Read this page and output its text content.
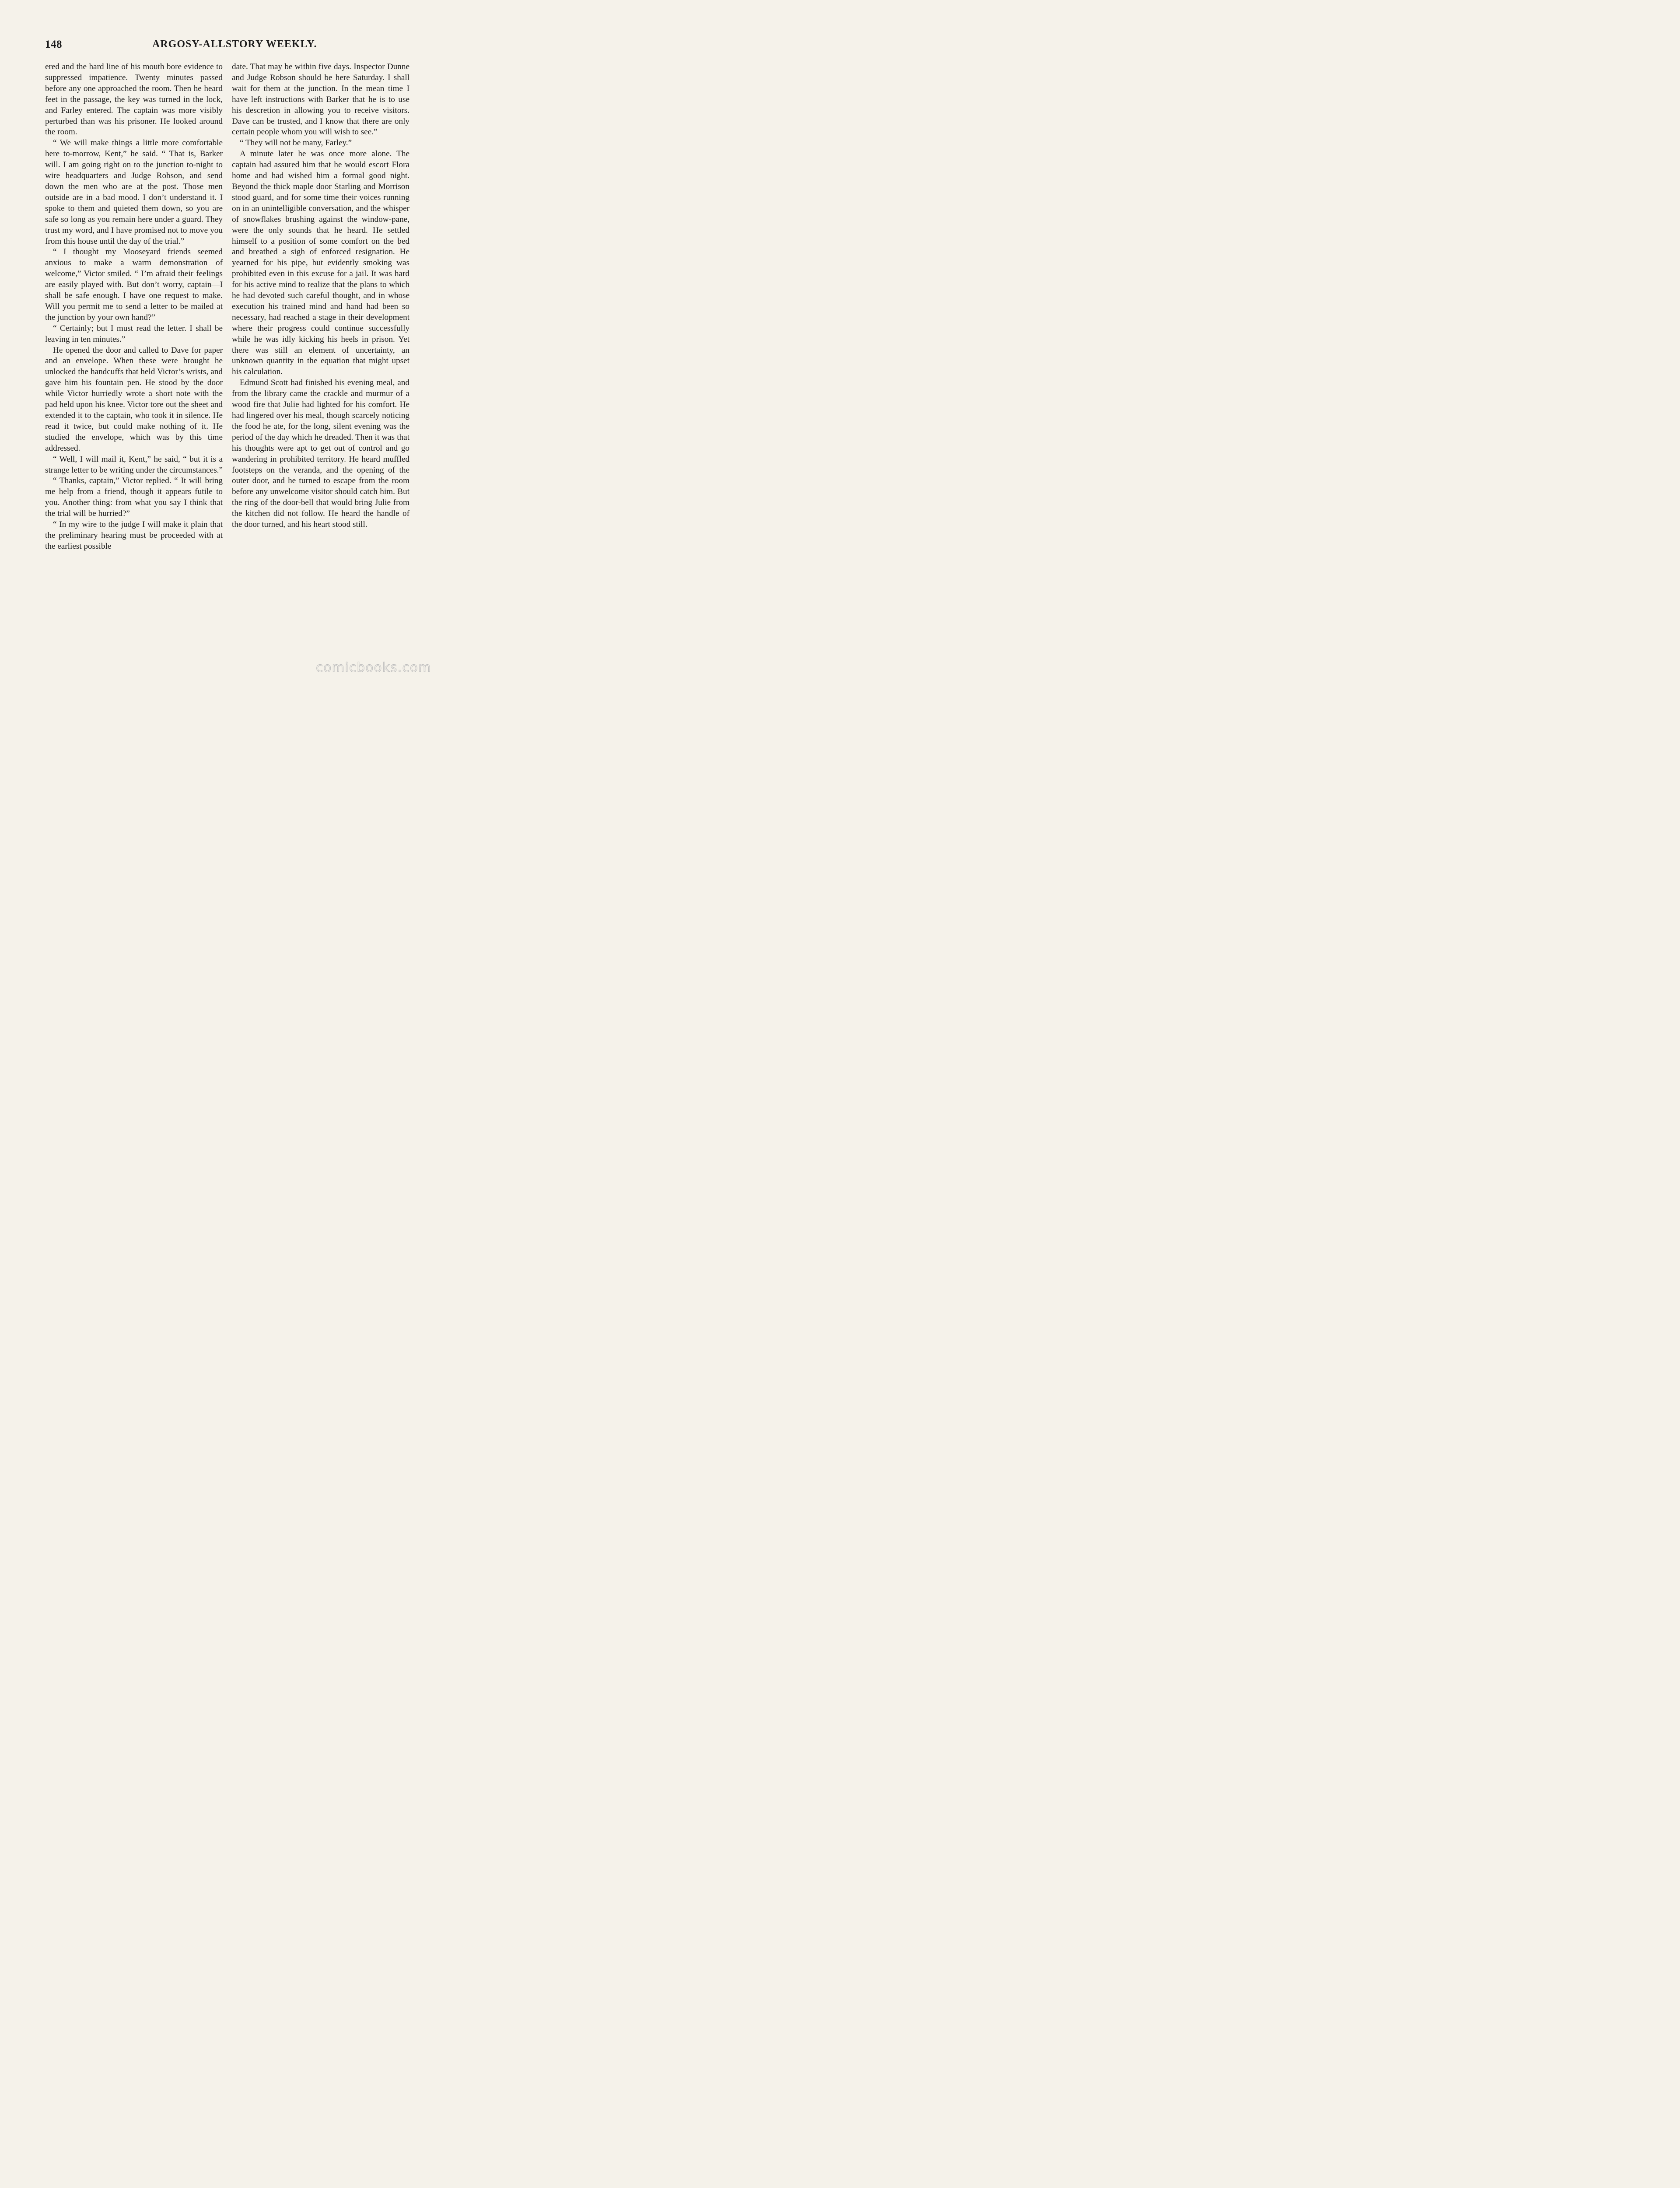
148	ARGOSY-ALLSTORY WEEKLY.

ered and the hard line of his mouth bore evidence to suppressed impatience. Twenty minutes passed before any one approached the room. Then he heard feet in the passage, the key was turned in the lock, and Farley entered. The captain was more visibly perturbed than was his prisoner. He looked around the room.

“ We will make things a little more comfortable here to-morrow, Kent,” he said. “ That is, Barker will. I am going right on to the junction to-night to wire headquarters and Judge Robson, and send down the men who are at the post. Those men outside are in a bad mood. I don’t understand it. I spoke to them and quieted them down, so you are safe so long as you remain here under a guard. They trust my word, and I have promised not to move you from this house until the day of the trial.”

“ I thought my Mooseyard friends seemed anxious to make a warm demonstration of welcome,” Victor smiled. “ I’m afraid their feelings are easily played with. But don’t worry, captain—I shall be safe enough. I have one request to make. Will you permit me to send a letter to be mailed at the junction by your own hand?”

“ Certainly; but I must read the letter. I shall be leaving in ten minutes.”

He opened the door and called to Dave for paper and an envelope. When these were brought he unlocked the handcuffs that held Victor’s wrists, and gave him his fountain pen. He stood by the door while Victor hurriedly wrote a short note with the pad held upon his knee. Victor tore out the sheet and extended it to the captain, who took it in silence. He read it twice, but could make nothing of it. He studied the envelope, which was by this time addressed.

“ Well, I will mail it, Kent,” he said, “ but it is a strange letter to be writing under the circumstances.”

“ Thanks, captain,” Victor replied. “ It will bring me help from a friend, though it appears futile to you. Another thing: from what you say I think that the trial will be hurried?”

“ In my wire to the judge I will make it plain that the preliminary hearing must be proceeded with at the earliest possible

date. That may be within five days. Inspector Dunne and Judge Robson should be here Saturday. I shall wait for them at the junction. In the mean time I have left instructions with Barker that he is to use his descretion in allowing you to receive visitors. Dave can be trusted, and I know that there are only certain people whom you will wish to see.”

“ They will not be many, Farley.”

A minute later he was once more alone. The captain had assured him that he would escort Flora home and had wished him a formal good night. Beyond the thick maple door Starling and Morrison stood guard, and for some time their voices running on in an unintelligible conversation, and the whisper of snowflakes brushing against the window-pane, were the only sounds that he heard. He settled himself to a position of some comfort on the bed and breathed a sigh of enforced resignation. He yearned for his pipe, but evidently smoking was prohibited even in this excuse for a jail. It was hard for his active mind to realize that the plans to which he had devoted such careful thought, and in whose execution his trained mind and hand had been so necessary, had reached a stage in their development where their progress could continue successfully while he was idly kicking his heels in prison. Yet there was still an element of uncertainty, an unknown quantity in the equation that might upset his calculation.

Edmund Scott had finished his evening meal, and from the library came the crackle and murmur of a wood fire that Julie had lighted for his comfort. He had lingered over his meal, though scarcely noticing the food he ate, for the long, silent evening was the period of the day which he dreaded. Then it was that his thoughts were apt to get out of control and go wandering in prohibited territory. He heard muffled footsteps on the veranda, and the opening of the outer door, and he turned to escape from the room before any unwelcome visitor should catch him. But the ring of the door-bell that would bring Julie from the kitchen did not follow. He heard the handle of the door turned, and his heart stood still.

comicbooks.com
